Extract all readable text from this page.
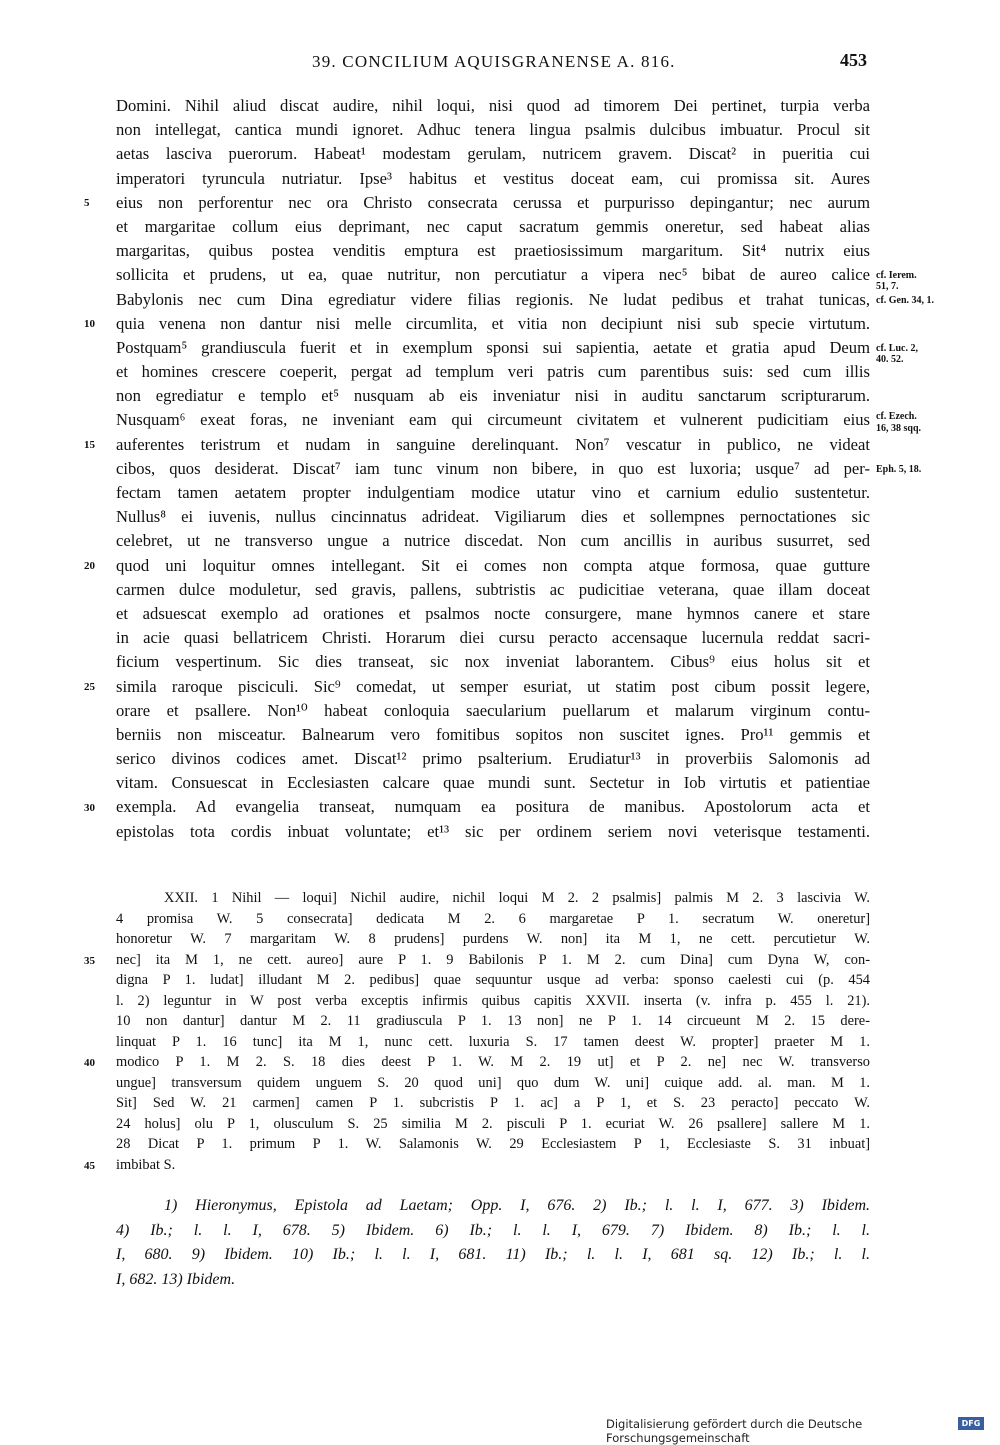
39. CONCILIUM AQUISGRANENSE A. 816.	453
Domini. Nihil aliud discat audire, nihil loqui, nisi quod ad timorem Dei pertinet, turpia verba
non intellegat, cantica mundi ignoret. Adhuc tenera lingua psalmis dulcibus imbuatur. Procul sit
aetas lasciva puerorum. Habeat¹ modestam gerulam, nutricem gravem. Discat² in pueritia cui
imperatori tyruncula nutriatur. Ipse³ habitus et vestitus doceat eam, cui promissa sit. Aures
eius non perforentur nec ora Christo consecrata cerussa et purpurisso depingantur; nec aurum
et margaritae collum eius deprimant, nec caput sacratum gemmis oneretur, sed habeat alias
margaritas, quibus postea venditis emptura est praetiosissimum margaritum. Sit⁴ nutrix eius
sollicita et prudens, ut ea, quae nutritur, non percutiatur a vipera nec⁵ bibat de aureo calice
Babylonis nec cum Dina egrediatur videre filias regionis. Ne ludat pedibus et trahat tunicas,
quia venena non dantur nisi melle circumlita, et vitia non decipiunt nisi sub specie virtutum.
Postquam⁵ grandiuscula fuerit et in exemplum sponsi sui sapientia, aetate et gratia apud Deum
et homines crescere coeperit, pergat ad templum veri patris cum parentibus suis: sed cum illis
non egrediatur e templo et⁵ nusquam ab eis inveniatur nisi in auditu sanctarum scripturarum.
Nusquam⁶ exeat foras, ne inveniant eam qui circumeunt civitatem et vulnerent pudicitiam eius
auferentes teristrum et nudam in sanguine derelinquant. Non⁷ vescatur in publico, ne videat
cibos, quos desiderat. Discat⁷ iam tunc vinum non bibere, in quo est luxoria; usque⁷ ad per-
fectam tamen aetatem propter indulgentiam modice utatur vino et carnium edulio sustentetur.
Nullus⁸ ei iuvenis, nullus cincinnatus adrideat. Vigiliarum dies et sollempnes pernoctationes sic
celebret, ut ne transverso ungue a nutrice discedat. Non cum ancillis in auribus susurret, sed
quod uni loquitur omnes intellegant. Sit ei comes non compta atque formosa, quae gutture
carmen dulce moduletur, sed gravis, pallens, subtristis ac pudicitiae veterana, quae illam doceat
et adsuescat exemplo ad orationes et psalmos nocte consurgere, mane hymnos canere et stare
in acie quasi bellatricem Christi. Horarum diei cursu peracto accensaque lucernula reddat sacri-
ficium vespertinum. Sic dies transeat, sic nox inveniat laborantem. Cibus⁹ eius holus sit et
simila raroque pisciculi. Sic⁹ comedat, ut semper esuriat, ut statim post cibum possit legere,
orare et psallere. Non¹⁰ habeat conloquia saecularium puellarum et malarum virginum contu-
berniis non misceatur. Balnearum vero fomitibus sopitos non suscitet ignes. Pro¹¹ gemmis et
serico divinos codices amet. Discat¹² primo psalterium. Erudiatur¹³ in proverbiis Salomonis ad
vitam. Consuescat in Ecclesiasten calcare quae mundi sunt. Sectetur in Iob virtutis et patientiae
exempla. Ad evangelia transeat, numquam ea positura de manibus. Apostolorum acta et
epistolas tota cordis inbuat voluntate; et¹³ sic per ordinem seriem novi veterisque testamenti.
5
10
15
20
25
30
cf. Ierem.
51, 7.
cf. Gen. 34, 1.
cf. Luc. 2,
40. 52.
cf. Ezech.
16, 38 sqq.
Eph. 5, 18.
XXII. 1 Nihil — loqui] Nichil audire, nichil loqui M 2. 2 psalmis] palmis M 2. 3 lascivia W.
4 promisa W. 5 consecrata] dedicata M 2. 6 margaretae P 1. secratum W. oneretur]
honoretur W. 7 margaritam W. 8 prudens] purdens W. non] ita M 1, ne cett. percutietur W.
nec] ita M 1, ne cett. aureo] aure P 1. 9 Babilonis P 1. M 2. cum Dina] cum Dyna W, con-
digna P 1. ludat] illudant M 2. pedibus] quae sequuntur usque ad verba: sponso caelesti cui (p. 454
l. 2) leguntur in W post verba exceptis infirmis quibus capitis XXVII. inserta (v. infra p. 455 l. 21).
10 non dantur] dantur M 2. 11 gradiuscula P 1. 13 non] ne P 1. 14 circueunt M 2. 15 dere-
linquat P 1. 16 tunc] ita M 1, nunc cett. luxuria S. 17 tamen deest W. propter] praeter M 1.
modico P 1. M 2. S. 18 dies deest P 1. W. M 2. 19 ut] et P 2. ne] nec W. transverso
ungue] transversum quidem unguem S. 20 quod uni] quo dum W. uni] cuique add. al. man. M 1.
Sit] Sed W. 21 carmen] camen P 1. subcristis P 1. ac] a P 1, et S. 23 peracto] peccato W.
24 holus] olu P 1, olusculum S. 25 similia M 2. pisculi P 1. ecuriat W. 26 psallere] sallere M 1.
28 Dicat P 1. primum P 1. W. Salamonis W. 29 Ecclesiastem P 1, Ecclesiaste S. 31 inbuat]
imbibat S.
35
40
45
1) Hieronymus, Epistola ad Laetam; Opp. I, 676. 2) Ib.; l. l. I, 677. 3) Ibidem.
4) Ib.; l. l. I, 678. 5) Ibidem. 6) Ib.; l. l. I, 679. 7) Ibidem. 8) Ib.; l. l.
I, 680. 9) Ibidem. 10) Ib.; l. l. I, 681. 11) Ib.; l. l. I, 681 sq. 12) Ib.; l. l.
I, 682. 13) Ibidem.
Digitalisierung gefördert durch die Deutsche Forschungsgemeinschaft
DFG
